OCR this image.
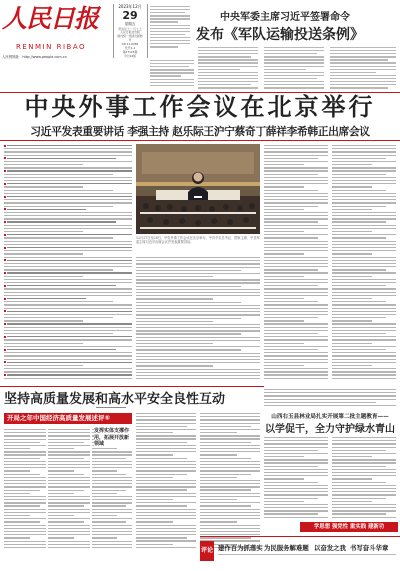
人民日报
RENMIN RIBAO
人民网网址：http://www.people.com.cn
2023年12月
29
星期五
癸卯年十一月十七
人民日报社出版
国内统一连续出版物号
CN 11-0065
代号1-1
第27123期
今日24版
中央军委主席习近平签署命令
发布《军队运输投送条例》
中央外事工作会议在北京举行
习近平发表重要讲话 李强主持 赵乐际王沪宁蔡奇丁薛祥李希韩正出席会议
12月27日至28日，中央外事工作会议在北京举行。中共中央总书记、国家主席、中央军委主席习近平出席会议并发表重要讲话。
坚持高质量发展和高水平安全良性互动
开局之年中国经济高质量发展述评⑤
发挥实体支撑作用，拓展开放新领域
山西右玉县林业局扎实开展第二批主题教育——
以学促干，全力守护绿水青山
学思想 强党性 重实践 建新功
评论 建作百为抓落实 为民服务解难题 以奋发之我 书写奋斗华章
